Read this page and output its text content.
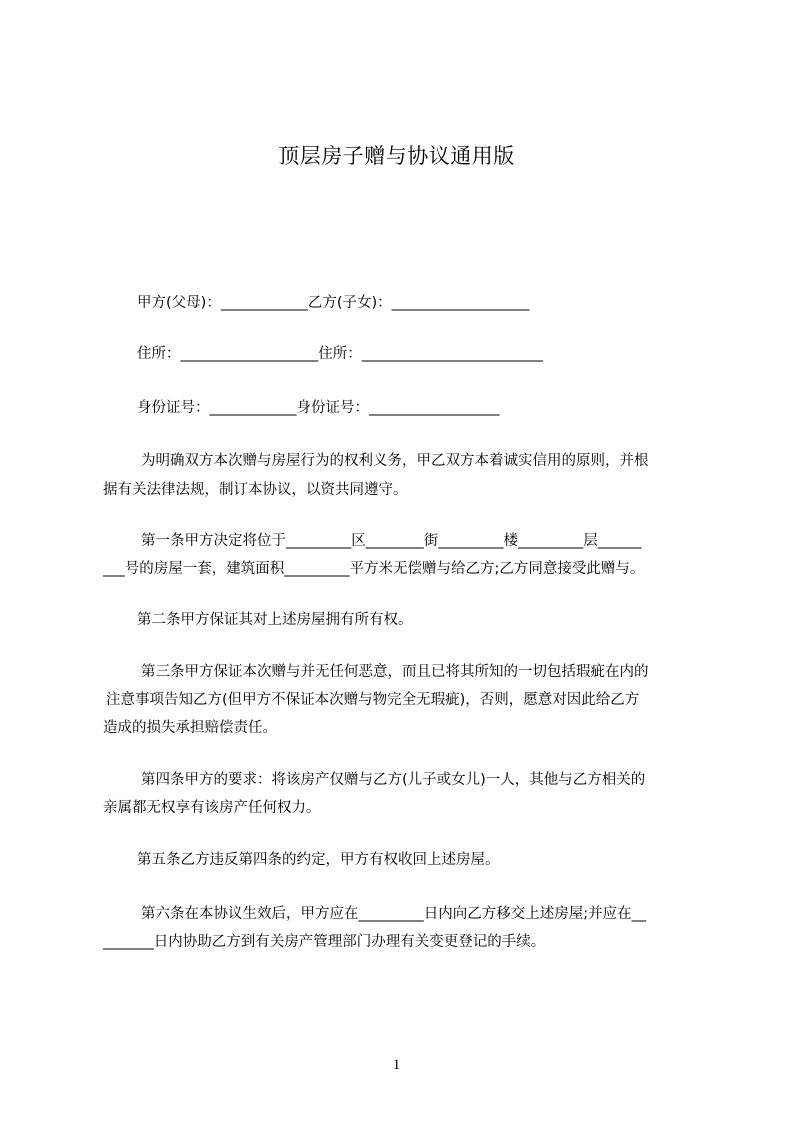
顶层房子赠与协议通用版
甲方(父母)：____________乙方(子女)：___________________
住所：___________________住所：_________________________
身份证号：____________身份证号：__________________
为明确双方本次赠与房屋行为的权利义务，甲乙双方本着诚实信用的原则，并根
据有关法律法规，制订本协议，以资共同遵守。
第一条甲方决定将位于_________区________街_________楼_________层______
___号的房屋一套，建筑面积_________平方米无偿赠与给乙方;乙方同意接受此赠与。
第二条甲方保证其对上述房屋拥有所有权。
第三条甲方保证本次赠与并无任何恶意，而且已将其所知的一切包括瑕疵在内的
注意事项告知乙方(但甲方不保证本次赠与物完全无瑕疵)，否则，愿意对因此给乙方
造成的损失承担赔偿责任。
第四条甲方的要求：将该房产仅赠与乙方(儿子或女儿)一人，其他与乙方相关的
亲属都无权享有该房产任何权力。
第五条乙方违反第四条的约定，甲方有权收回上述房屋。
第六条在本协议生效后，甲方应在_________日内向乙方移交上述房屋;并应在__
_______日内协助乙方到有关房产管理部门办理有关变更登记的手续。
1
